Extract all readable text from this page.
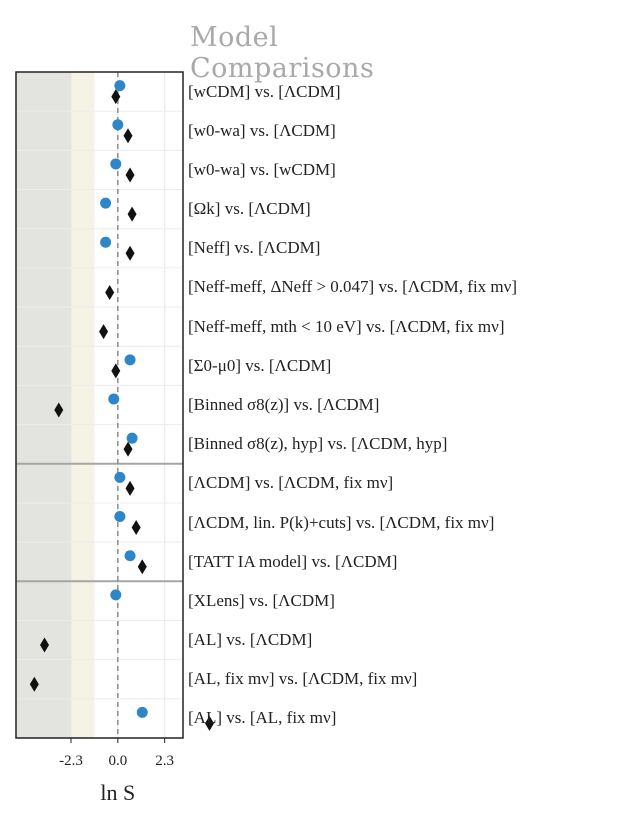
-2.3 0.0 2.3
ln S
Model Comparisons
[wCDM] vs. [ΛCDM]
[w0-wa] vs. [ΛCDM]
[w0-wa] vs. [wCDM]
[Ωk] vs. [ΛCDM]
[Neff] vs. [ΛCDM]
[Neff-meff, ΔNeff > 0.047] vs. [ΛCDM, fix mν]
[Neff-meff, mth < 10 eV] vs. [ΛCDM, fix mν]
[Σ0-μ0] vs. [ΛCDM]
[Binned σ8(z)] vs. [ΛCDM]
[Binned σ8(z), hyp] vs. [ΛCDM, hyp]
[ΛCDM] vs. [ΛCDM, fix mν]
[ΛCDM, lin. P(k)+cuts] vs. [ΛCDM, fix mν]
[TATT IA model] vs. [ΛCDM]
[XLens] vs. [ΛCDM]
[AL] vs. [ΛCDM]
[AL, fix mν] vs. [ΛCDM, fix mν]
[AL] vs. [AL, fix mν]
